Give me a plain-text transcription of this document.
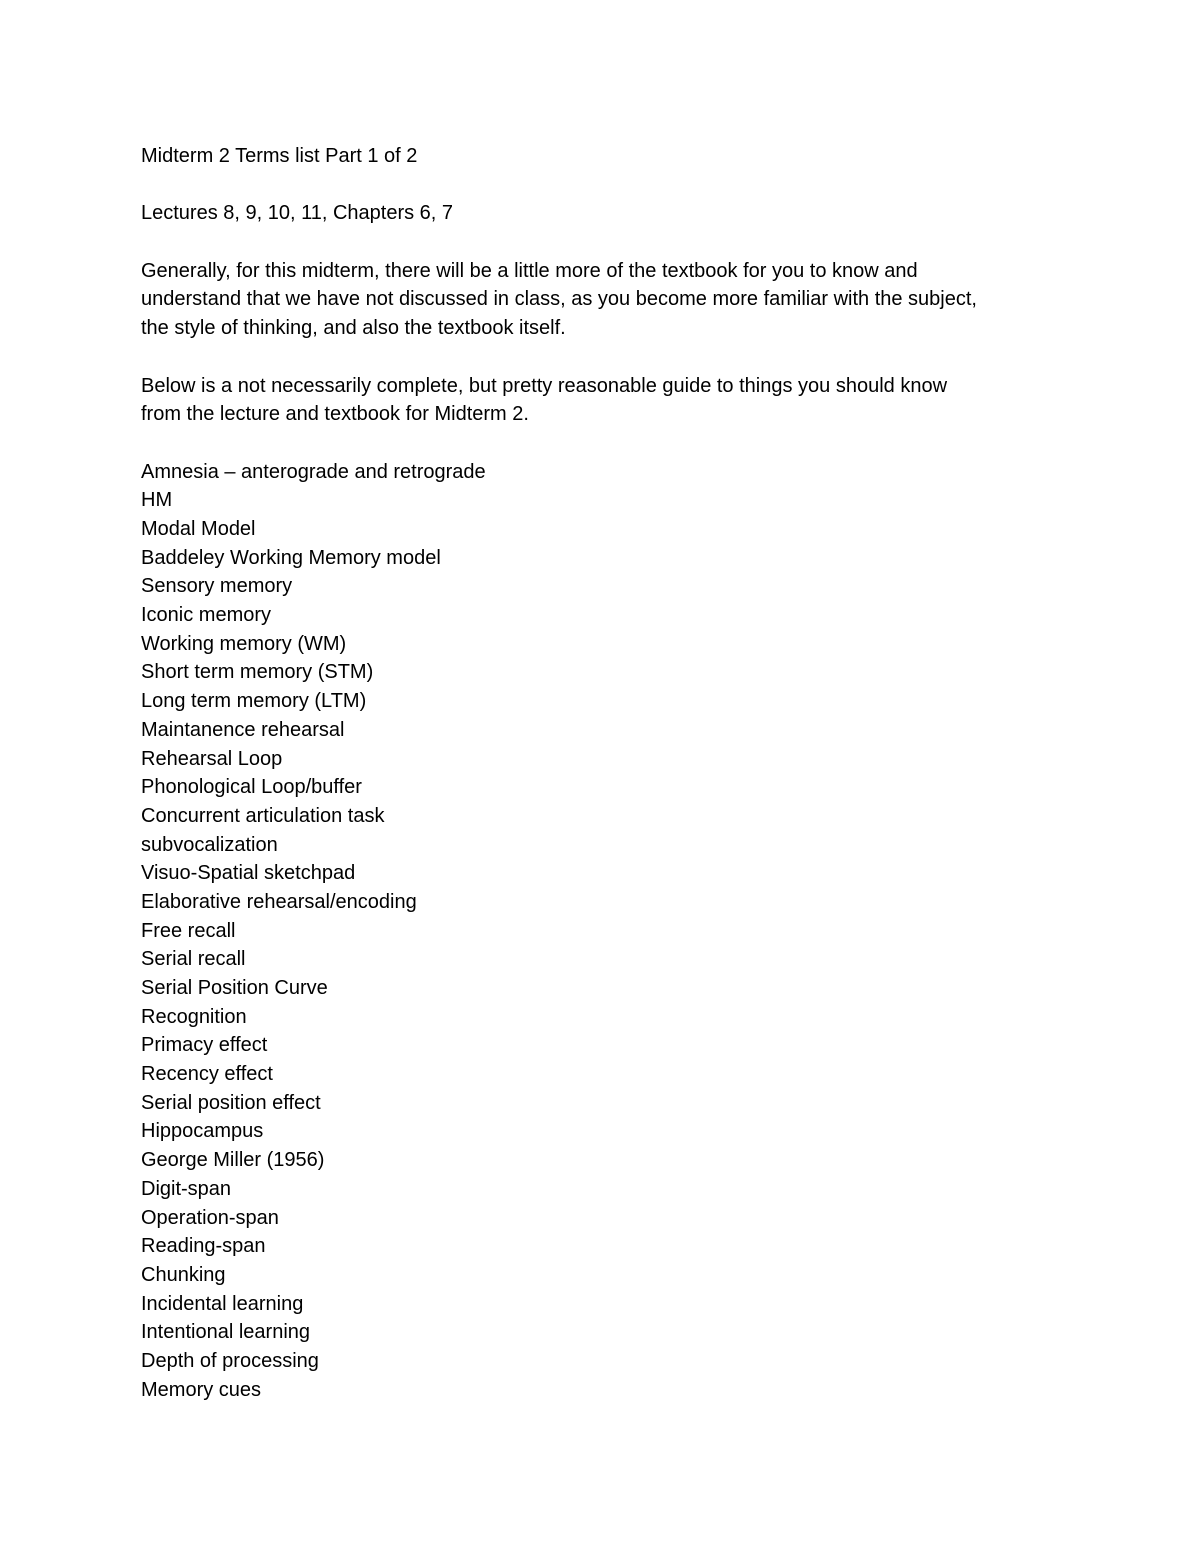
Midterm 2 Terms list Part 1 of 2

Lectures 8, 9, 10, 11, Chapters 6, 7

Generally, for this midterm, there will be a little more of the textbook for you to know and
understand that we have not discussed in class, as you become more familiar with the subject,
the style of thinking, and also the textbook itself.

Below is a not necessarily complete, but pretty reasonable guide to things you should know
from the lecture and textbook for Midterm 2.

Amnesia – anterograde and retrograde
HM
Modal Model
Baddeley Working Memory model
Sensory memory
Iconic memory
Working memory (WM)
Short term memory (STM)
Long term memory (LTM)
Maintanence rehearsal
Rehearsal Loop
Phonological Loop/buffer
Concurrent articulation task
subvocalization
Visuo-Spatial sketchpad
Elaborative rehearsal/encoding
Free recall
Serial recall
Serial Position Curve
Recognition
Primacy effect
Recency effect
Serial position effect
Hippocampus
George Miller (1956)
Digit-span
Operation-span
Reading-span
Chunking
Incidental learning
Intentional learning
Depth of processing
Memory cues
